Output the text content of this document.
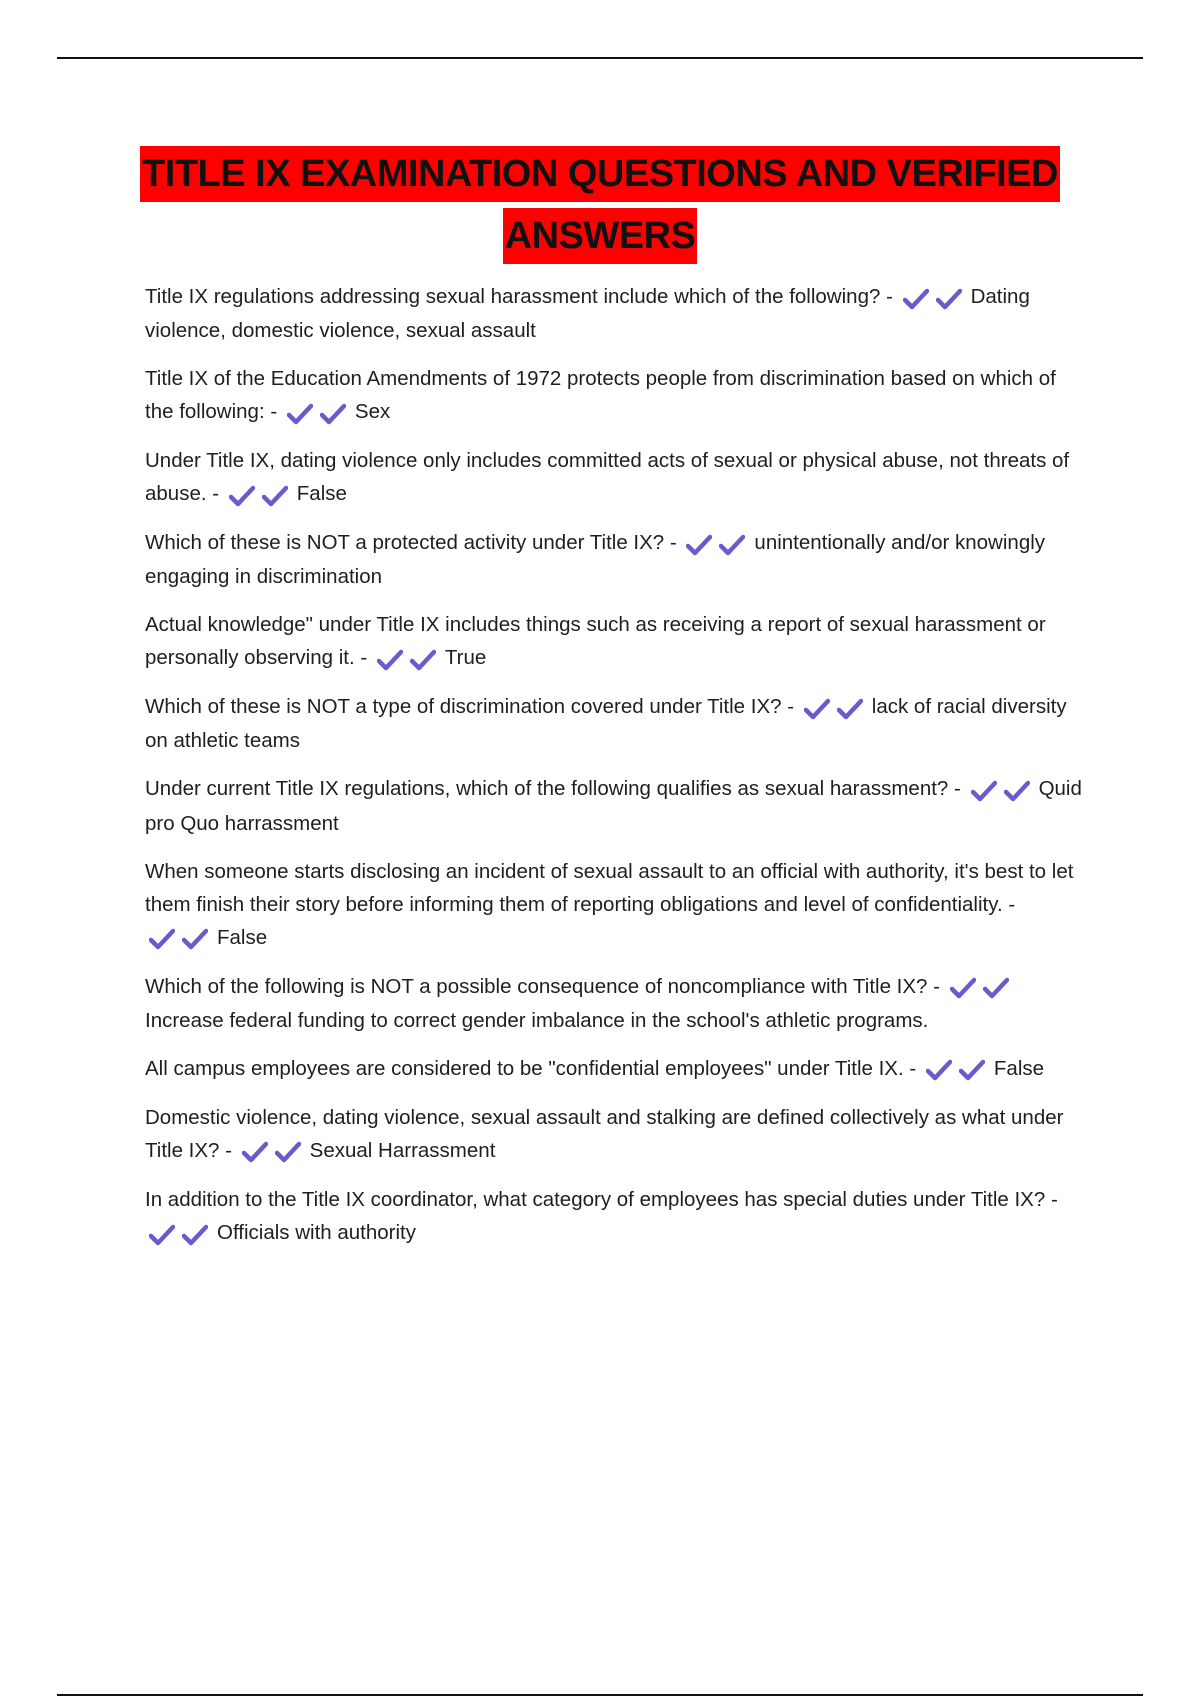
TITLE IX EXAMINATION QUESTIONS AND VERIFIED
ANSWERS
Title IX regulations addressing sexual harassment include which of the following? -	Dating violence, domestic violence, sexual assault
Title IX of the Education Amendments of 1972 protects people from discrimination based on which of the following: -	Sex
Under Title IX, dating violence only includes committed acts of sexual or physical abuse, not threats of abuse. -	False
Which of these is NOT a protected activity under Title IX? -	unintentionally and/or knowingly engaging in discrimination
Actual knowledge" under Title IX includes things such as receiving a report of sexual harassment or personally observing it. -	True
Which of these is NOT a type of discrimination covered under Title IX? -	lack of racial diversity on athletic teams
Under current Title IX regulations, which of the following qualifies as sexual harassment? -	Quid pro Quo harrassment
When someone starts disclosing an incident of sexual assault to an official with authority, it's best to let them finish their story before informing them of reporting obligations and level of confidentiality. -
False
Which of the following is NOT a possible consequence of noncompliance with Title IX? -
Increase federal funding to correct gender imbalance in the school's athletic programs.
All campus employees are considered to be "confidential employees" under Title IX. -	False
Domestic violence, dating violence, sexual assault and stalking are defined collectively as what under Title IX? -	Sexual Harrassment
In addition to the Title IX coordinator, what category of employees has special duties under Title IX? -
Officials with authority
